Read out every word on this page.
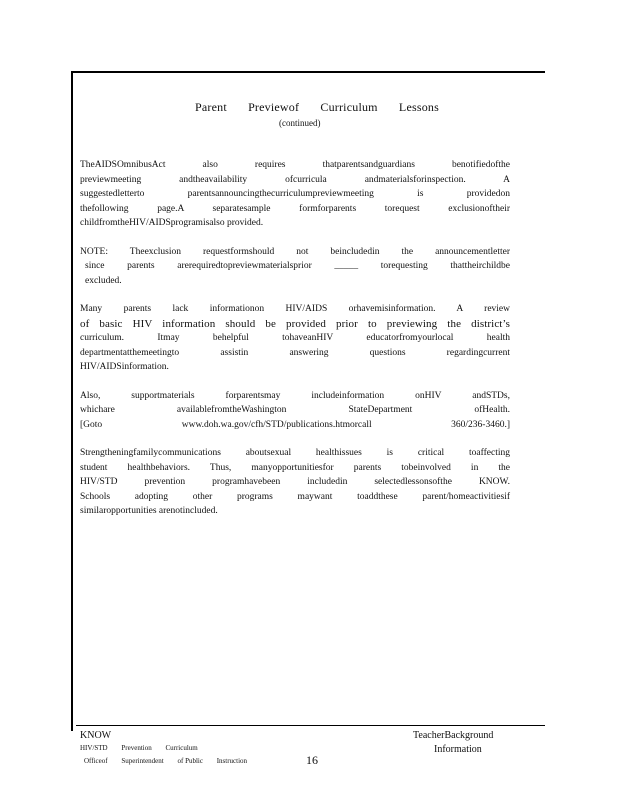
Parent Previewof Curriculum Lessons
(continued)

TheAIDSOmnibusAct also requires thatparentsandguardians benotifiedofthe

previewmeeting andtheavailability ofcurricula andmaterialsforinspection. A

suggestedletterto parentsannouncingthecurriculumpreviewmeeting is providedon

thefollowing page.A separatesample formforparents torequest exclusionoftheir

childfromtheHIV/AIDSprogramisalso provided.

NOTE: Theexclusion requestformshould not beincludedin the announcementletter

since parents arerequiredtopreviewmaterialsprior _____ torequesting thattheirchildbe

excluded.

Many parents lack informationon HIV/AIDS orhavemisinformation. A review

of basic HIV information should be provided prior to previewing the district’s

curriculum. Itmay behelpful tohaveanHIV educatorfromyourlocal health

departmentatthemeetingto assistin answering questions regardingcurrent

HIV/AIDSinformation.

Also, supportmaterials forparentsmay includeinformation onHIV andSTDs,

whichare availablefromtheWashington StateDepartment ofHealth.

[Goto www.doh.wa.gov/cfh/STD/publications.htmorcall 360/236-3460.]

Strengtheningfamilycommunications aboutsexual healthissues is critical toaffecting

student healthbehaviors. Thus, manyopportunitiesfor parents tobeinvolved in the

HIV/STD prevention programhavebeen includedin selectedlessonsofthe KNOW.

Schools adopting other programs maywant toaddthese parent/homeactivitiesif

similaropportunities arenotincluded.

KNOW
HIV/STD Prevention Curriculum
Officeof Superintendent of Public Instruction	16
TeacherBackground
Information
